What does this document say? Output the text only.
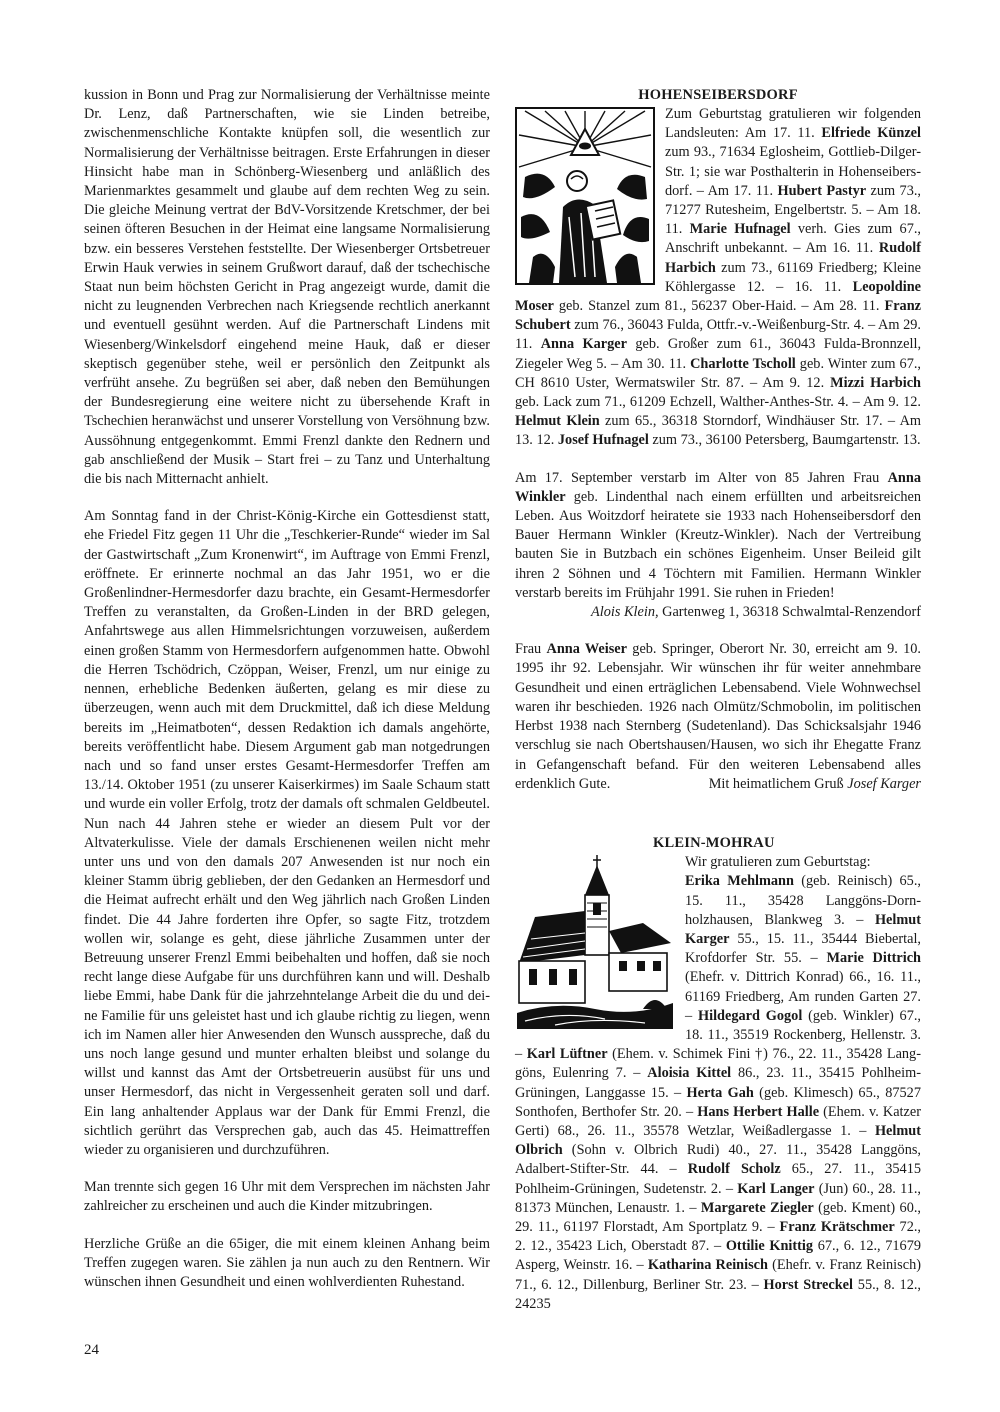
kussion in Bonn und Prag zur Normalisierung der Verhältnisse meinte Dr. Lenz, daß Partnerschaften, wie sie Linden betreibe, zwischenmenschliche Kontakte knüpfen soll, die wesentlich zur Normalisierung der Verhältnisse beitragen. Erste Erfahrungen in dieser Hinsicht habe man in Schönberg-Wiesenberg und anläßlich des Marienmarktes gesammelt und glaube auf dem rechten Weg zu sein. Die gleiche Meinung vertrat der BdV-Vorsitzende Kretschmer, der bei seinen öfteren Besuchen in der Heimat eine langsame Normalisierung bzw. ein besseres Verstehen feststellte. Der Wiesenberger Ortsbetreuer Erwin Hauk verwies in seinem Grußwort darauf, daß der tschechische Staat nun beim höchsten Gericht in Prag angezeigt wurde, damit die nicht zu leugnenden Verbrechen nach Kriegsende rechtlich anerkannt und eventuell gesühnt werden. Auf die Partnerschaft Lindens mit Wiesenberg/Winkelsdorf eingehend meine Hauk, daß er dieser skeptisch gegenüber stehe, weil er persönlich den Zeitpunkt als verfrüht ansehe. Zu begrüßen sei aber, daß neben den Bemühungen der Bundesregierung eine weitere nicht zu übersehende Kraft in Tschechien heranwächst und unserer Vorstellung von Versöhnung bzw. Aussöhnung entgegenkommt. Emmi Frenzl dankte den Rednern und gab anschließend der Musik – Start frei – zu Tanz und Unterhaltung die bis nach Mitternacht anhielt.

Am Sonntag fand in der Christ-König-Kirche ein Gottesdienst statt, ehe Friedel Fitz gegen 11 Uhr die „Teschkerier-Runde“ wieder im Sal der Gastwirtschaft „Zum Kronenwirt“, im Auftrage von Emmi Frenzl, eröffnete. Er erinnerte nochmal an das Jahr 1951, wo er die Großenlindner-Hermesdorfer dazu brachte, ein Gesamt-Hermesdorfer Treffen zu veranstalten, da Großen-Linden in der BRD gelegen, Anfahrtswege aus allen Himmelsrichtungen vorzuweisen, außerdem einen großen Stamm von Hermesdorfern aufgenommen hatte. Obwohl die Herren Tschödrich, Czöppan, Weiser, Frenzl, um nur einige zu nennen, erhebliche Bedenken äußerten, gelang es mir diese zu überzeugen, wenn auch mit dem Druckmittel, daß ich diese Meldung bereits im „Heimatboten“, dessen Redaktion ich damals angehörte, bereits veröffentlicht habe. Diesem Argument gab man notgedrungen nach und so fand unser erstes Gesamt-Hermesdorfer Treffen am 13./14. Oktober 1951 (zu unserer Kaiserkirmes) im Saale Schaum statt und wurde ein voller Erfolg, trotz der damals oft schmalen Geldbeutel. Nun nach 44 Jahren stehe er wieder an diesem Pult vor der Altvaterkulisse. Viele der damals Erschienenen weilen nicht mehr unter uns und von den damals 207 Anwesenden ist nur noch ein kleiner Stamm übrig geblieben, der den Gedanken an Hermesdorf und die Heimat aufrecht erhält und den Weg jährlich nach Großen Linden findet. Die 44 Jahre forderten ihre Opfer, so sagte Fitz, trotzdem wollen wir, solange es geht, diese jährliche Zusammen unter der Betreuung unserer Frenzl Emmi beibehalten und hoffen, daß sie noch recht lange diese Aufgabe für uns durchführen kann und will. Deshalb liebe Emmi, habe Dank für die jahrzehntelange Arbeit die du und deine Familie für uns geleistet hast und ich glaube richtig zu liegen, wenn ich im Namen aller hier Anwesenden den Wunsch ausspreche, daß du uns noch lange gesund und munter erhalten bleibst und solange du willst und kannst das Amt der Ortsbetreuerin ausübst für uns und unser Hermesdorf, das nicht in Vergessenheit geraten soll und darf. Ein lang anhaltender Applaus war der Dank für Emmi Frenzl, die sichtlich gerührt das Versprechen gab, auch das 45. Heimattreffen wieder zu organisieren und durchzuführen.

Man trennte sich gegen 16 Uhr mit dem Versprechen im nächsten Jahr zahlreicher zu erscheinen und auch die Kinder mitzubringen.

Herzliche Grüße an die 65iger, die mit einem kleinen Anhang beim Treffen zugegen waren. Sie zählen ja nun auch zu den Rentnern. Wir wünschen ihnen Gesundheit und einen wohlverdienten Ruhestand.

HOHENSEIBERSDORF
Zum Geburtstag gratulieren wir folgenden Landsleuten: Am 17. 11. Elfriede Künzel zum 93., 71634 Eglosheim, Gottlieb-Dilger-Str. 1; sie war Posthalterin in Hohenseibersdorf. – Am 17. 11. Hubert Pastyr zum 73., 71277 Rutesheim, Engelbertstr. 5. – Am 18. 11. Marie Hufnagel verh. Gies zum 67., Anschrift unbekannt. – Am 16. 11. Rudolf Harbich zum 73., 61169 Friedberg; Kleine Köhlergasse 12. – 16. 11. Leopoldine Moser geb. Stanzel zum 81., 56237 Ober-Haid. – Am 28. 11. Franz Schubert zum 76., 36043 Fulda, Ottfr.-v.-Weißenburg-Str. 4. – Am 29. 11. Anna Karger geb. Großer zum 61., 36043 Fulda-Bronnzell, Ziegeler Weg 5. – Am 30. 11. Charlotte Tscholl geb. Winter zum 67., CH 8610 Uster, Wermatswiler Str. 87. – Am 9. 12. Mizzi Harbich geb. Lack zum 71., 61209 Echzell, Walther-Anthes-Str. 4. – Am 9. 12. Helmut Klein zum 65., 36318 Storndorf, Windhäuser Str. 17. – Am 13. 12. Josef Hufnagel zum 73., 36100 Petersberg, Baumgartenstr. 13.

Am 17. September verstarb im Alter von 85 Jahren Frau Anna Winkler geb. Lindenthal nach einem erfüllten und arbeitsreichen Leben. Aus Woitzdorf heiratete sie 1933 nach Hohenseibersdorf den Bauer Hermann Winkler (Kreutz-Winkler). Nach der Vertreibung bauten Sie in Butzbach ein schönes Eigenheim. Unser Beileid gilt ihren 2 Söhnen und 4 Töchtern mit Familien. Hermann Winkler verstarb bereits im Frühjahr 1991. Sie ruhen in Frieden!

Alois Klein, Gartenweg 1, 36318 Schwalmtal-Renzendorf

Frau Anna Weiser geb. Springer, Oberort Nr. 30, erreicht am 9. 10. 1995 ihr 92. Lebensjahr. Wir wünschen ihr für weiter annehmbare Gesundheit und einen erträglichen Lebensabend. Viele Wohnwechsel waren ihr beschieden. 1926 nach Olmütz/Schmobolin, im politischen Herbst 1938 nach Sternberg (Sudetenland). Das Schicksalsjahr 1946 verschlug sie nach Obertshausen/Hausen, wo sich ihr Ehegatte Franz in Gefangenschaft befand. Für den weiteren Lebensabend alles erdenklich Gute.	Mit heimatlichem Gruß Josef Karger
KLEIN-MOHRAU
Wir gratulieren zum Geburtstag:
Erika Mehlmann (geb. Reinisch) 65., 15. 11., 35428 Langgöns-Dornholzhausen, Blankweg 3. – Helmut Karger 55., 15. 11., 35444 Biebertal, Krofdorfer Str. 55. – Marie Dittrich (Ehefr. v. Dittrich Konrad) 66., 16. 11., 61169 Friedberg, Am runden Garten 27. – Hildegard Gogol (geb. Winkler) 67., 18. 11., 35519 Rockenberg, Hellenstr. 3. – Karl Lüftner (Ehem. v. Schimek Fini †) 76., 22. 11., 35428 Langgöns, Eulenring 7. – Aloisia Kittel 86., 23. 11., 35415 Pohlheim-Grüningen, Langgasse 15. – Herta Gah (geb. Klimesch) 65., 87527 Sonthofen, Berthofer Str. 20. – Hans Herbert Halle (Ehem. v. Katzer Gerti) 68., 26. 11., 35578 Wetzlar, Weißadlergasse 1. – Helmut Olbrich (Sohn v. Olbrich Rudi) 40., 27. 11., 35428 Langgöns, Adalbert-Stifter-Str. 44. – Rudolf Scholz 65., 27. 11., 35415 Pohlheim-Grüningen, Sudetenstr. 2. – Karl Langer (Jun) 60., 28. 11., 81373 München, Lenaustr. 1. – Margarete Ziegler (geb. Kment) 60., 29. 11., 61197 Florstadt, Am Sportplatz 9. – Franz Krätschmer 72., 2. 12., 35423 Lich, Oberstadt 87. – Ottilie Knittig 67., 6. 12., 71679 Asperg, Weinstr. 16. – Katharina Reinisch (Ehefr. v. Franz Reinisch) 71., 6. 12., Dillenburg, Berliner Str. 23. – Horst Streckel 55., 8. 12., 24235
24
